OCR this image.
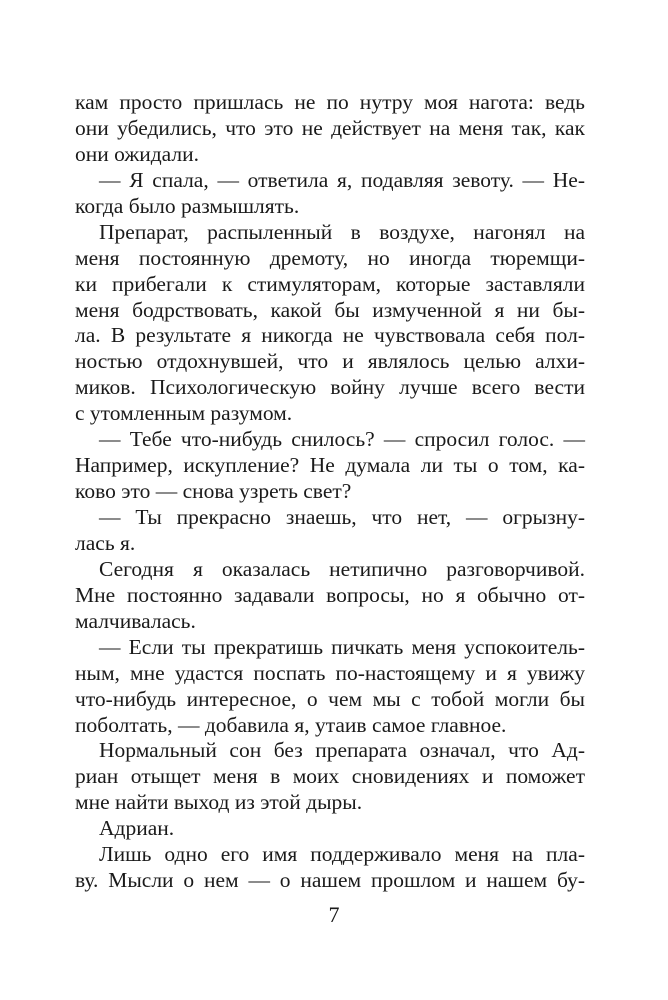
кам просто пришлась не по нутру моя нагота: ведь
они убедились, что это не действует на меня так, как
они ожидали.
— Я спала, — ответила я, подавляя зевоту. — Не-
когда было размышлять.
Препарат, распыленный в воздухе, нагонял на
меня постоянную дремоту, но иногда тюремщи-
ки прибегали к стимуляторам, которые заставляли
меня бодрствовать, какой бы измученной я ни бы-
ла. В результате я никогда не чувствовала себя пол-
ностью отдохнувшей, что и являлось целью алхи-
миков. Психологическую войну лучше всего вести
с утомленным разумом.
— Тебе что-нибудь снилось? — спросил голос. —
Например, искупление? Не думала ли ты о том, ка-
ково это — снова узреть свет?
— Ты прекрасно знаешь, что нет, — огрызну-
лась я.
Сегодня я оказалась нетипично разговорчивой.
Мне постоянно задавали вопросы, но я обычно от-
малчивалась.
— Если ты прекратишь пичкать меня успокоитель-
ным, мне удастся поспать по-настоящему и я увижу
что-нибудь интересное, о чем мы с тобой могли бы
поболтать, — добавила я, утаив самое главное.
Нормальный сон без препарата означал, что Ад-
риан отыщет меня в моих сновидениях и поможет
мне найти выход из этой дыры.
Адриан.
Лишь одно его имя поддерживало меня на пла-
ву. Мысли о нем — о нашем прошлом и нашем бу-
7
